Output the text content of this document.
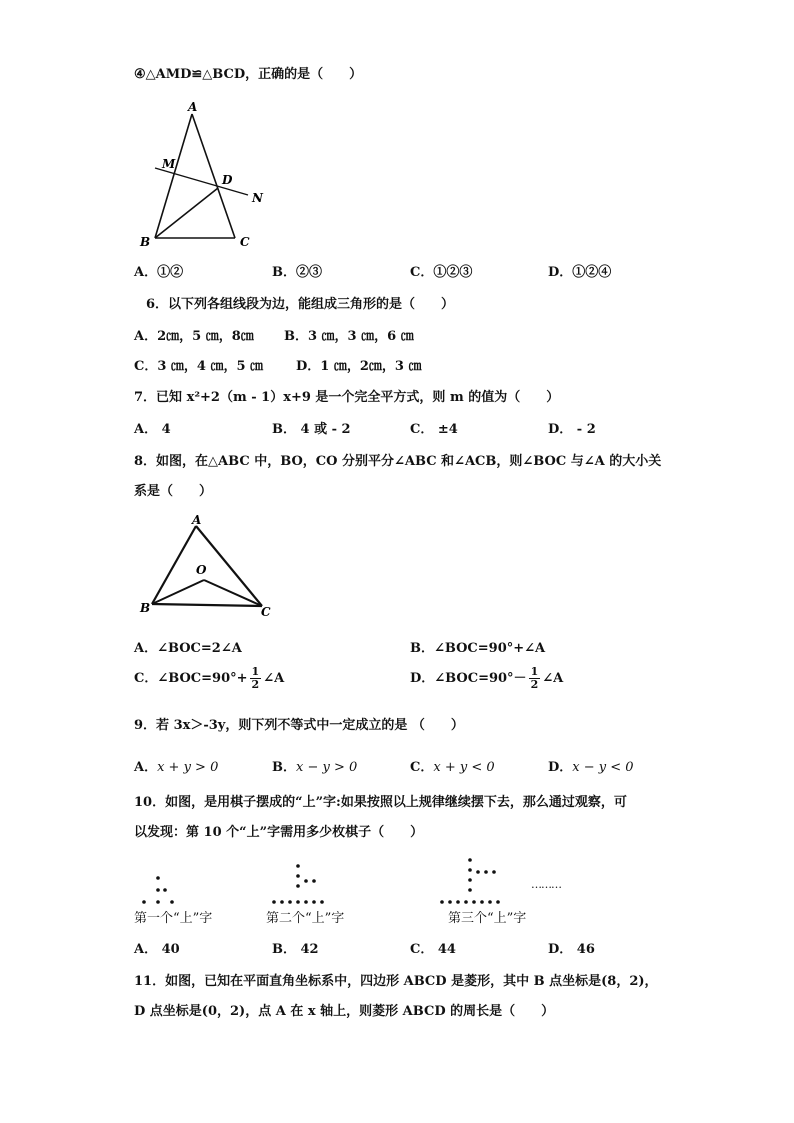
④△AMD≌△BCD，正确的是（　　）
A
M
D
N
B	C
A．①②	B．②③	C．①②③	D．①②④
6．以下列各组线段为边，能组成三角形的是（　　）
A．2㎝，5 ㎝，8㎝ B．3 ㎝，3 ㎝，6 ㎝
C．3 ㎝，4 ㎝，5 ㎝	D．1 ㎝，2㎝，3 ㎝
7．已知 x²+2（m - 1）x+9 是一个完全平方式，则 m 的值为（　　）
A． 4	B． 4 或 - 2	C． ±4	D． - 2
8．如图，在△ABC 中，BO，CO 分别平分∠ABC 和∠ACB，则∠BOC 与∠A 的大小关
系是（　　）
A
O
B	C
A．∠BOC=2∠A	B．∠BOC=90°+∠A
C．∠BOC=90°+ $\frac{1}{2}$ ∠A	D．∠BOC=90°－ $\frac{1}{2}$ ∠A
9．若 3x＞-3y，则下列不等式中一定成立的是 （　　）
A．x + y > 0	B．x − y > 0	C．x + y < 0	D．x − y < 0
10．如图，是用棋子摆成的“上”字:如果按照以上规律继续摆下去，那么通过观察，可
以发现：第 10 个“上”字需用多少枚棋子（　　）
第一个“上”字	第二个“上”字	第三个“上”字
………
A． 40	B． 42	C． 44	D． 46
11．如图，已知在平面直角坐标系中，四边形 ABCD 是菱形，其中 B 点坐标是(8，2)，
D 点坐标是(0，2)，点 A 在 x 轴上，则菱形 ABCD 的周长是（　　）
